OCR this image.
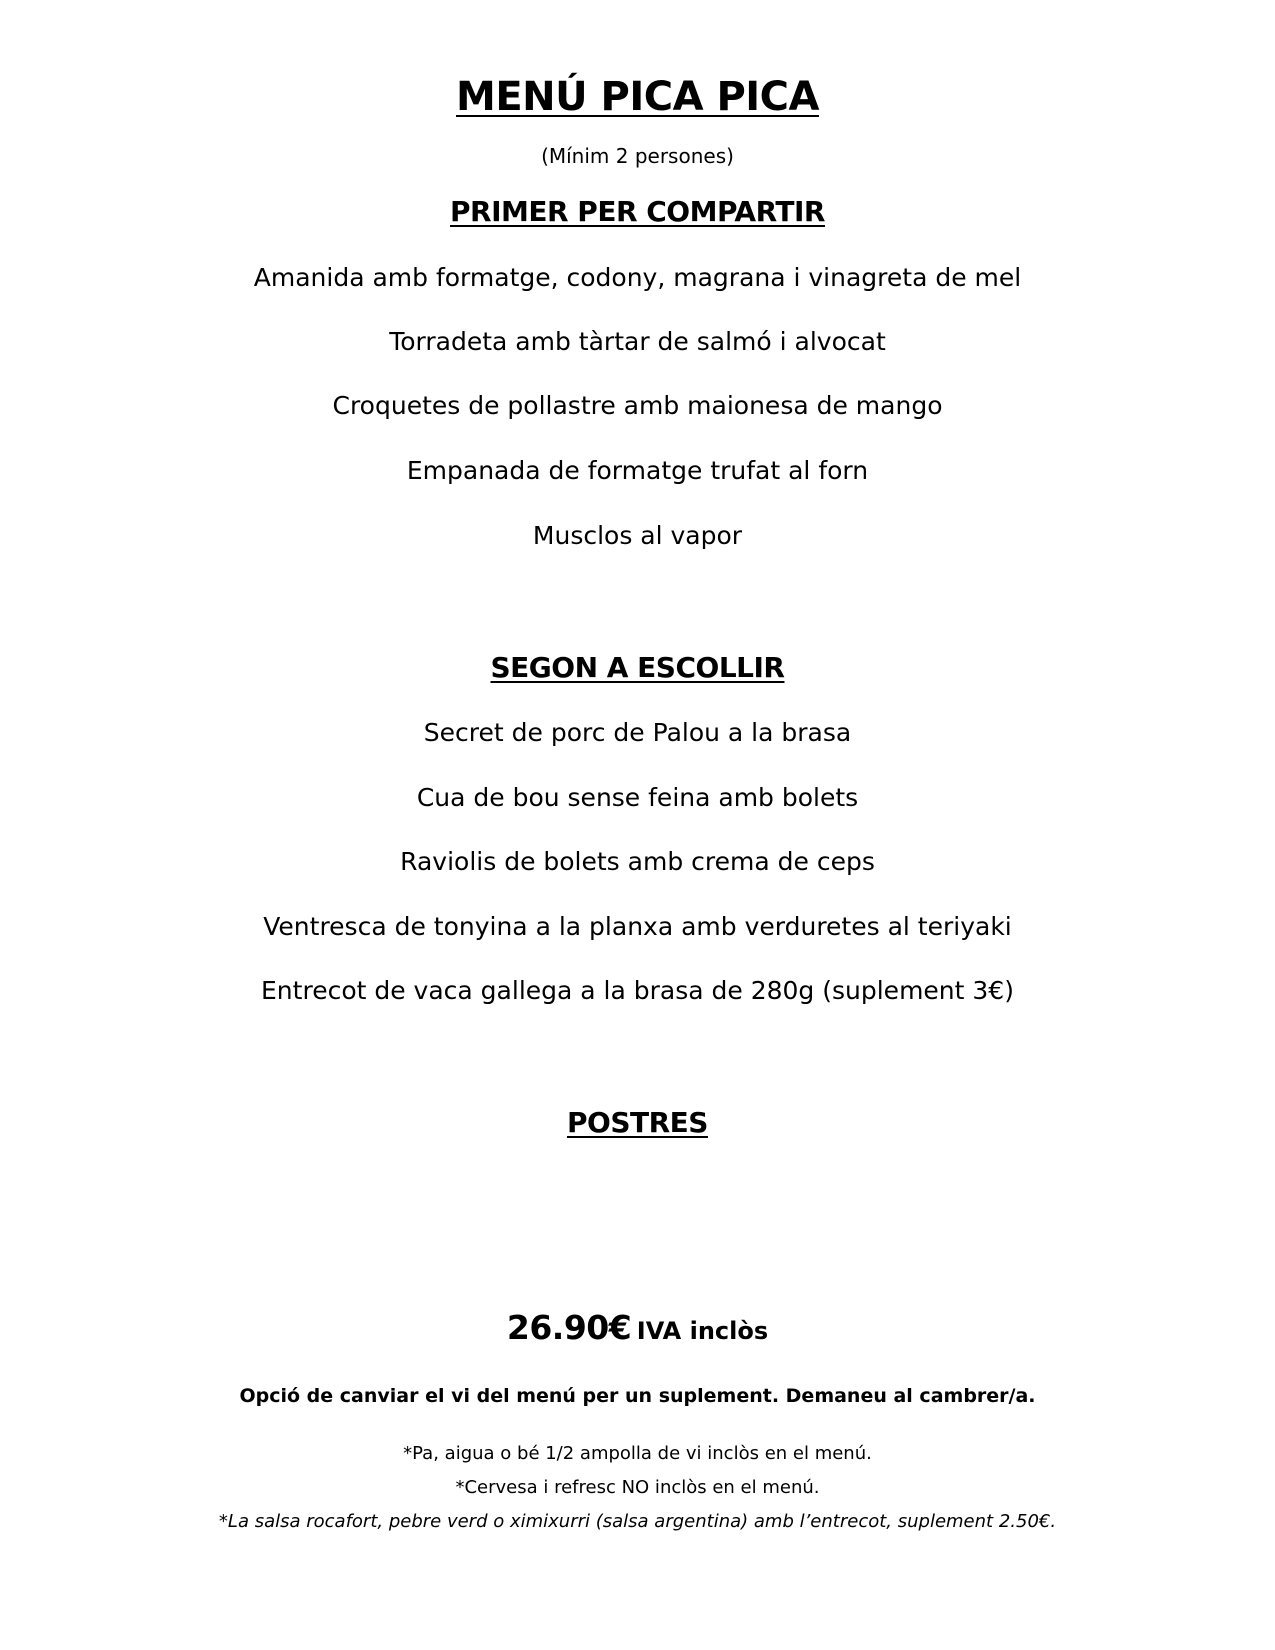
MENÚ PICA PICA
(Mínim 2 persones)
PRIMER PER COMPARTIR
Amanida amb formatge, codony, magrana i vinagreta de mel
Torradeta amb tàrtar de salmó i alvocat
Croquetes de pollastre amb maionesa de mango
Empanada de formatge trufat al forn
Musclos al vapor
SEGON A ESCOLLIR
Secret de porc de Palou a la brasa
Cua de bou sense feina amb bolets
Raviolis de bolets amb crema de ceps
Ventresca de tonyina a la planxa amb verduretes al teriyaki
Entrecot de vaca gallega a la brasa de 280g (suplement 3€)
POSTRES
26.90€ IVA inclòs
Opció de canviar el vi del menú per un suplement. Demaneu al cambrer/a.
*Pa, aigua o bé 1/2 ampolla de vi inclòs en el menú.
*Cervesa i refresc NO inclòs en el menú.
*La salsa rocafort, pebre verd o ximixurri (salsa argentina) amb l’entrecot, suplement 2.50€.
